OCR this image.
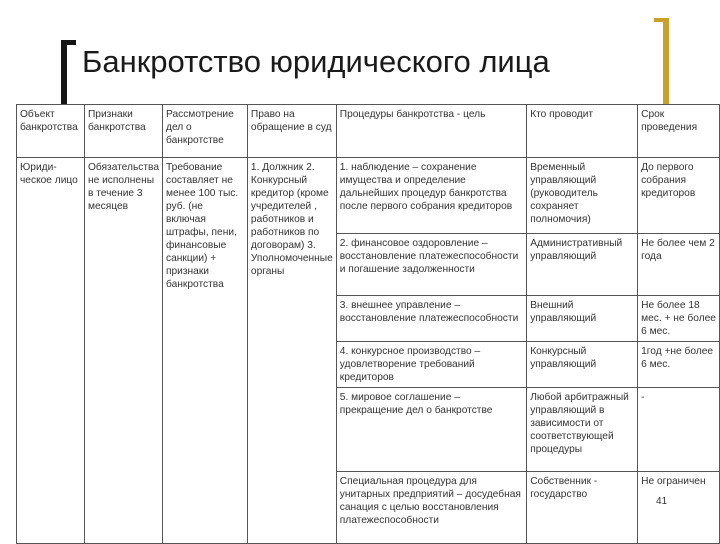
Банкротство юридического лица
Объект банкротства	Признаки банкротства	Рассмотрение дел о банкротстве	Право на обращение в суд	Процедуры банкротства - цель	Кто проводит	Срок проведения
Юриди-ческое лицо	Обязательства не исполнены в течение 3 месяцев	Требование составляет не менее 100 тыс. руб. (не включая штрафы, пени, финансовые санкции) + признаки банкротства	1. Должник 2. Конкурсный кредитор (кроме учредителей , работников и работников по договорам) 3. Уполномоченные органы	1. наблюдение – сохранение имущества и определение дальнейших процедур банкротства после первого собрания кредиторов	Временный управляющий (руководитель сохраняет полномочия)	До первого собрания кредиторов
				2. финансовое оздоровление – восстановление платежеспособности и погашение задолженности	Административный управляющий	Не более чем 2 года
				3. внешнее управление – восстановление платежеспособности	Внешний управляющий	Не более 18 мес. + не более 6 мес.
				4. конкурсное производство – удовлетворение требований кредиторов	Конкурсный управляющий	1год +не более 6 мес.
				5. мировое соглашение – прекращение дел о банкротстве	Любой арбитражный управляющий в зависимости от соответствующей процедуры	-
				Специальная процедура для унитарных предприятий – досудебная санация с целью восстановления платежеспособности	Собственник - государство	Не ограничен
41
